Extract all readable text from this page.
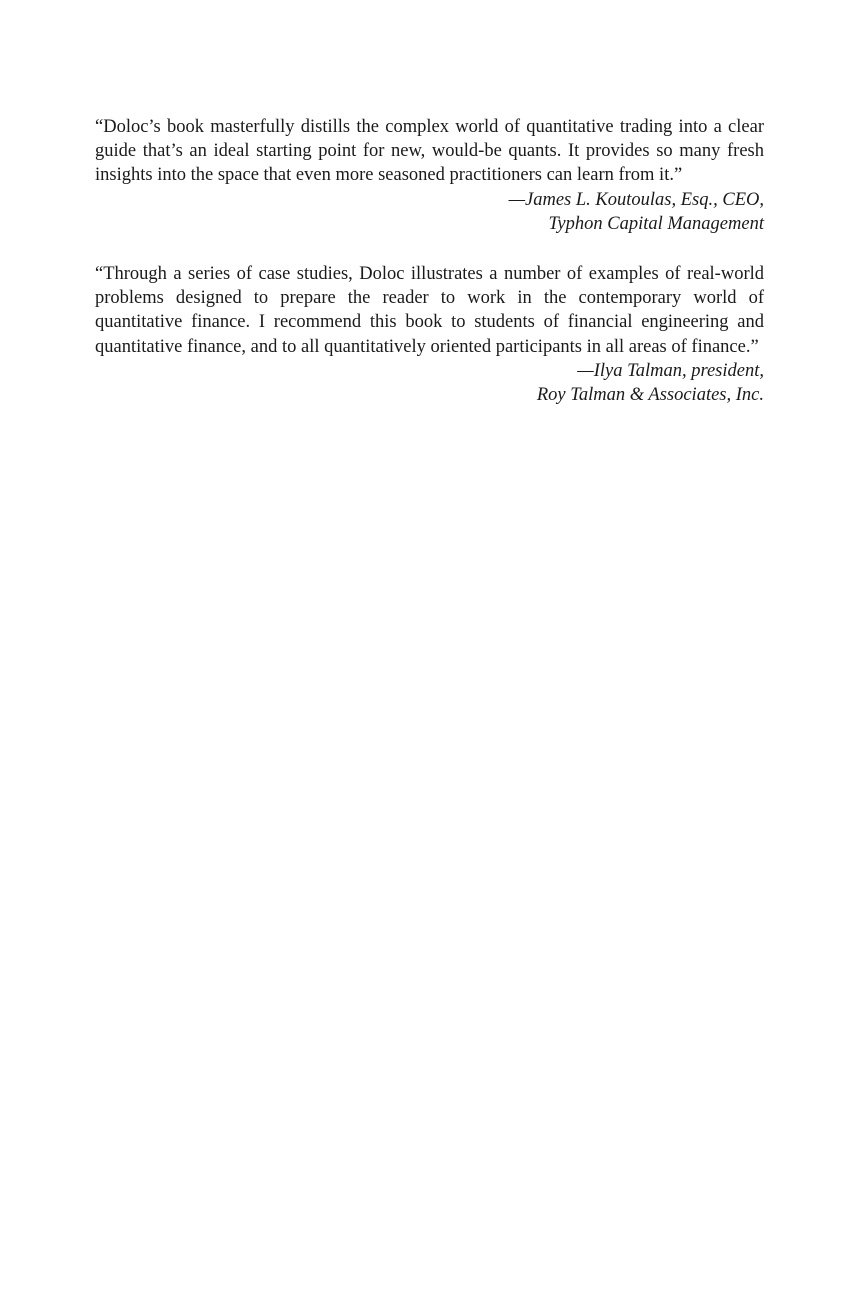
“Doloc’s book masterfully distills the complex world of quantitative trading into a clear guide that’s an ideal starting point for new, would-be quants. It provides so many fresh insights into the space that even more seasoned practitioners can learn from it.”

—James L. Koutoulas, Esq., CEO,
Typhon Capital Management

“Through a series of case studies, Doloc illustrates a number of examples of real-world problems designed to prepare the reader to work in the contemporary world of quantitative finance. I recommend this book to students of financial engineering and quantitative finance, and to all quantitatively oriented participants in all areas of finance.”

—Ilya Talman, president,
Roy Talman & Associates, Inc.
